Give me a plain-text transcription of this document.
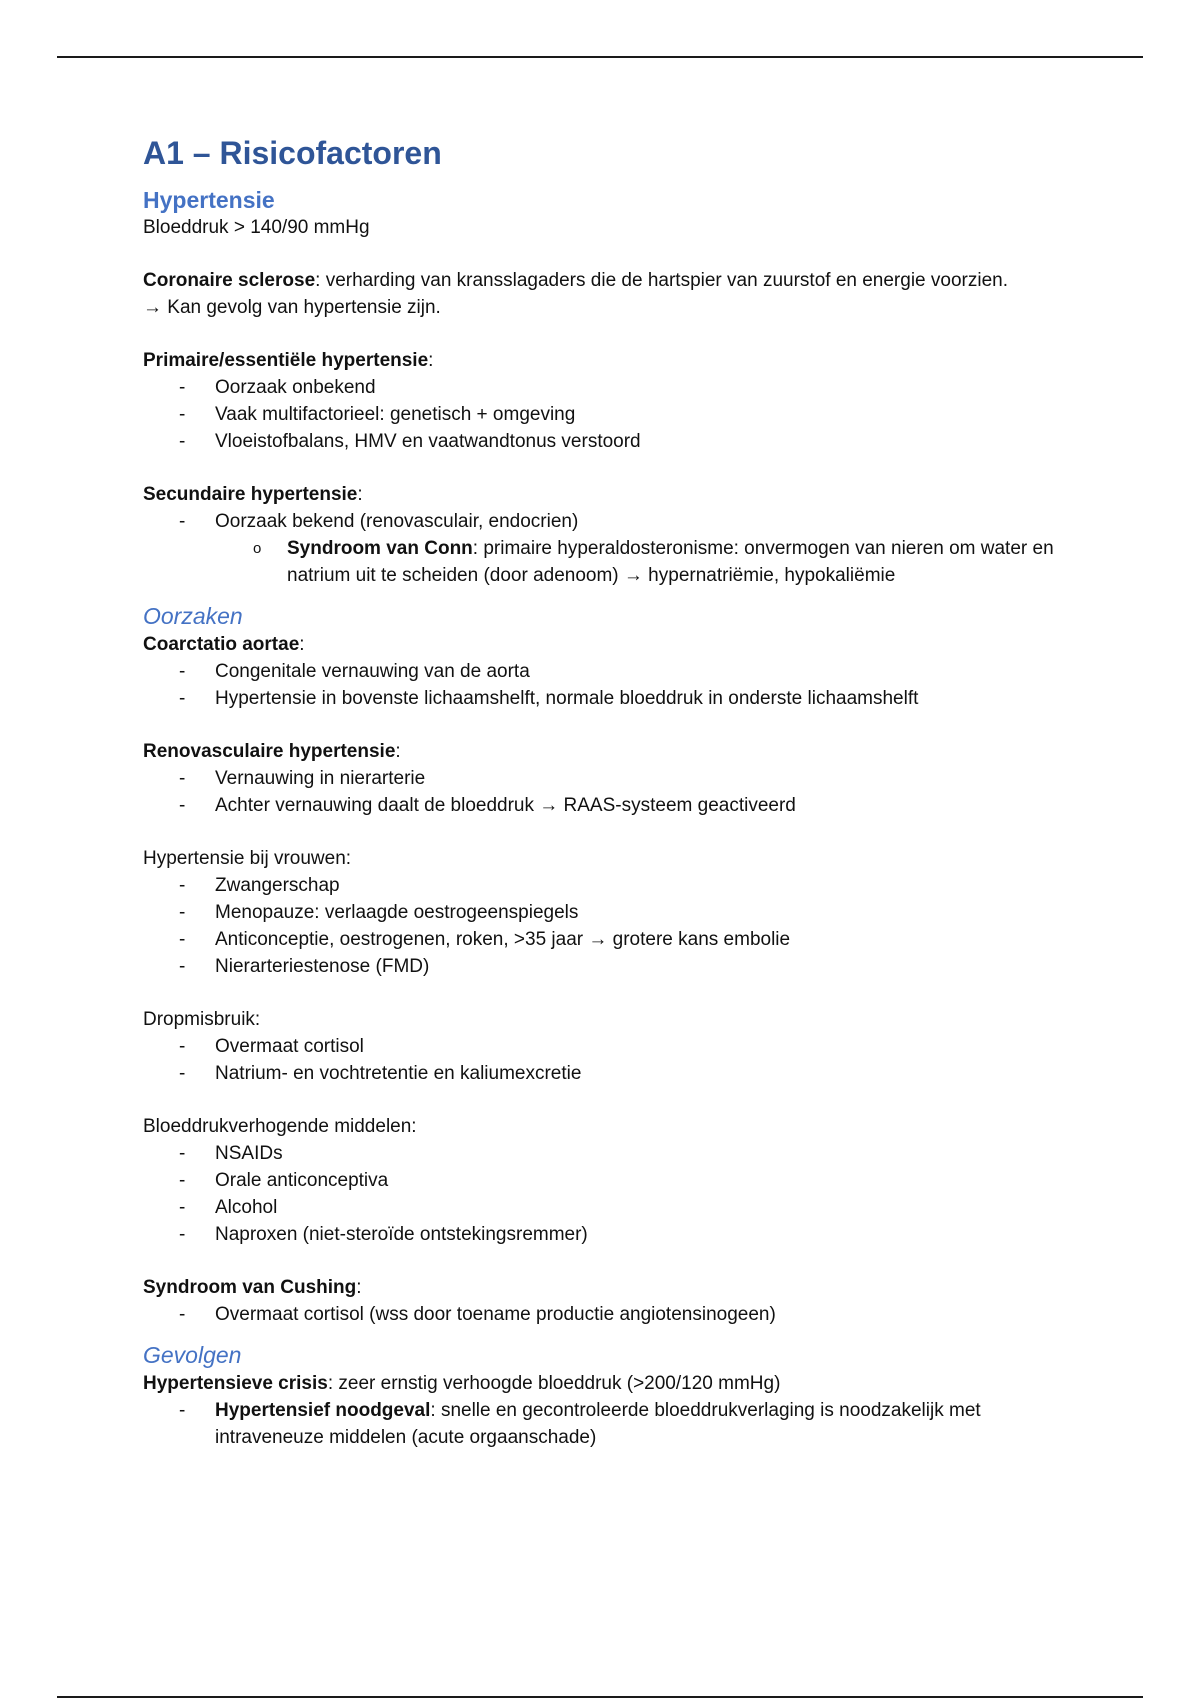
A1 – Risicofactoren
Hypertensie

Bloeddruk > 140/90 mmHg

Coronaire sclerose: verharding van kransslagaders die de hartspier van zuurstof en energie voorzien.

→ Kan gevolg van hypertensie zijn.

Primaire/essentiële hypertensie:

- Oorzaak onbekend
- Vaak multifactorieel: genetisch + omgeving
- Vloeistofbalans, HMV en vaatwandtonus verstoord

Secundaire hypertensie:

- Oorzaak bekend (renovasculair, endocrien)
o Syndroom van Conn: primaire hyperaldosteronisme: onvermogen van nieren om water en natrium uit te scheiden (door adenoom) → hypernatriëmie, hypokaliëmie
Oorzaken

Coarctatio aortae:

- Congenitale vernauwing van de aorta
- Hypertensie in bovenste lichaamshelft, normale bloeddruk in onderste lichaamshelft

Renovasculaire hypertensie:

- Vernauwing in nierarterie
- Achter vernauwing daalt de bloeddruk → RAAS-systeem geactiveerd

Hypertensie bij vrouwen:

- Zwangerschap
- Menopauze: verlaagde oestrogeenspiegels
- Anticonceptie, oestrogenen, roken, >35 jaar → grotere kans embolie
- Nierarteriestenose (FMD)

Dropmisbruik:

- Overmaat cortisol
- Natrium- en vochtretentie en kaliumexcretie

Bloeddrukverhogende middelen:

- NSAIDs
- Orale anticonceptiva
- Alcohol
- Naproxen (niet-steroïde ontstekingsremmer)

Syndroom van Cushing:

- Overmaat cortisol (wss door toename productie angiotensinogeen)
Gevolgen

Hypertensieve crisis: zeer ernstig verhoogde bloeddruk (>200/120 mmHg)

- Hypertensief noodgeval: snelle en gecontroleerde bloeddrukverlaging is noodzakelijk met intraveneuze middelen (acute orgaanschade)
